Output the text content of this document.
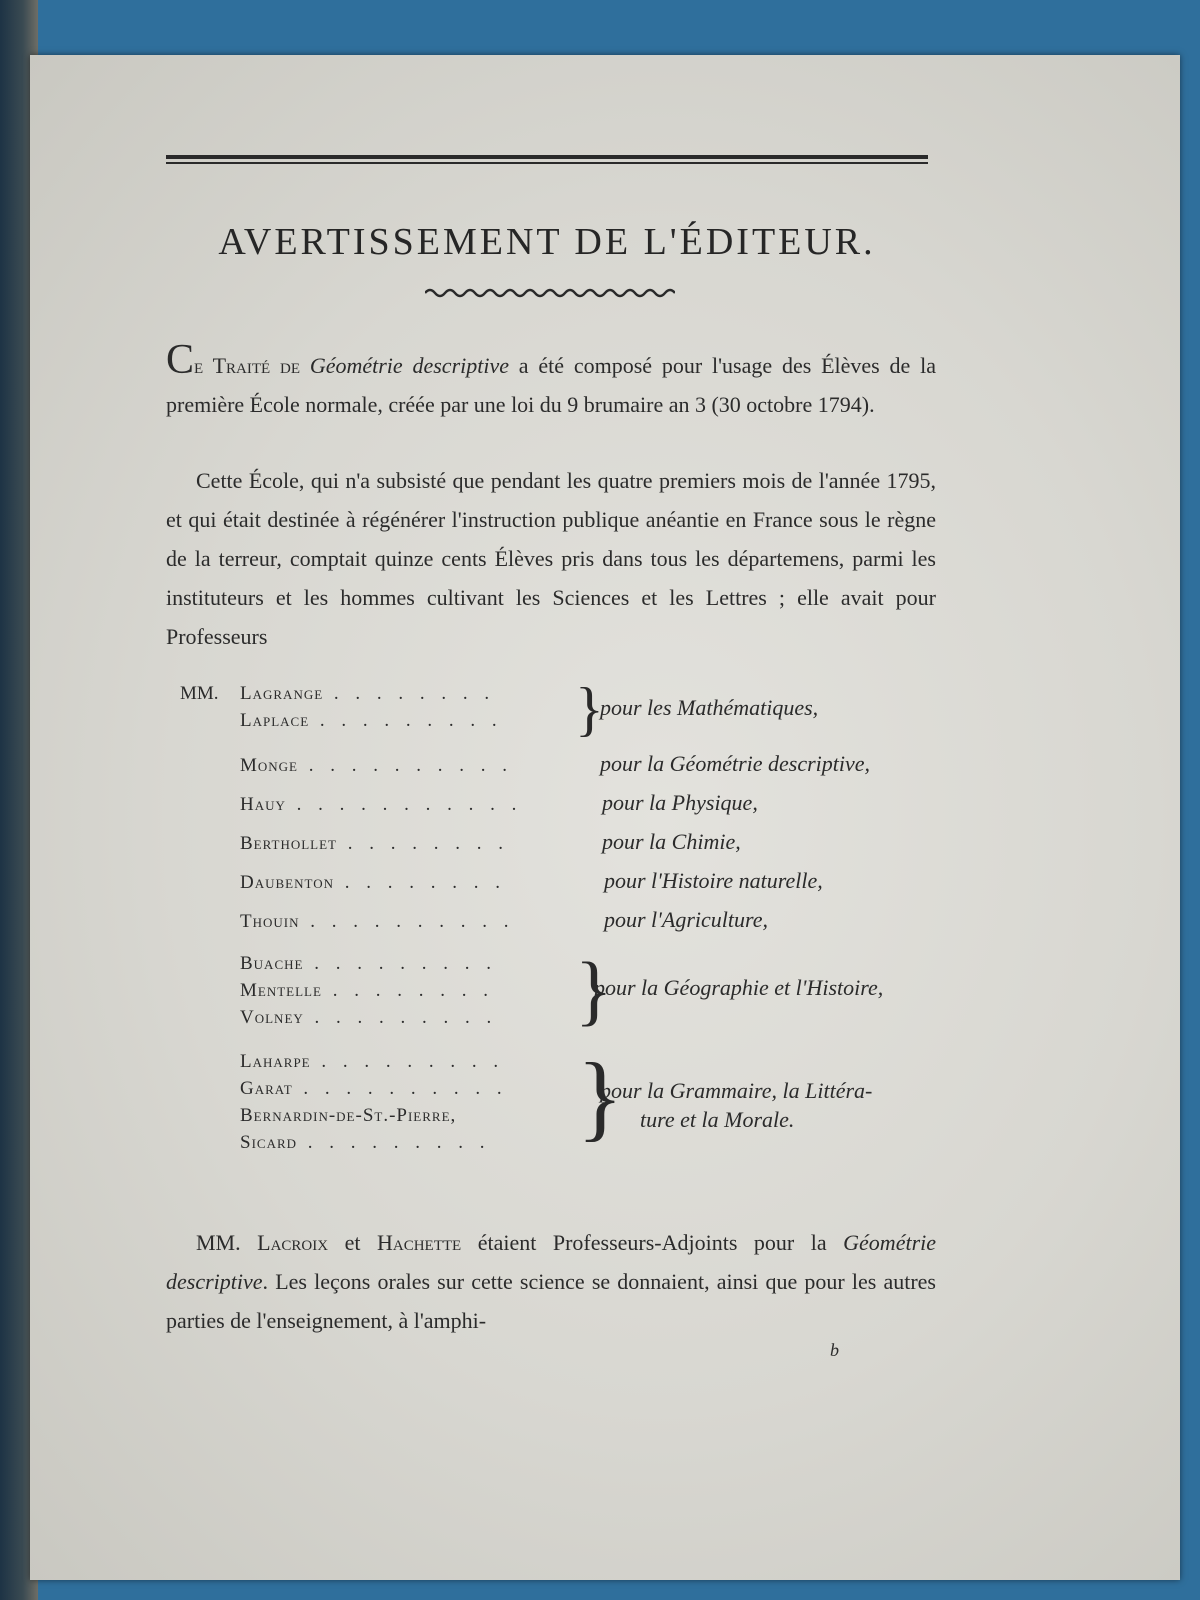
AVERTISSEMENT DE L'ÉDITEUR.
Ce Traité de Géométrie descriptive a été composé pour l'usage des Élèves de la première École normale, créée par une loi du 9 brumaire an 3 (30 octobre 1794).
Cette École, qui n'a subsisté que pendant les quatre premiers mois de l'année 1795, et qui était destinée à régénérer l'instruction publique anéantie en France sous le règne de la terreur, comptait quinze cents Élèves pris dans tous les départemens, parmi les instituteurs et les hommes cultivant les Sciences et les Lettres ; elle avait pour Professeurs
MM. Lagrange . . . . . . . .
Laplace . . . . . . . . . }
pour les Mathématiques,
Monge . . . . . . . . . .	pour la Géométrie descriptive,
Hauy . . . . . . . . . . .	pour la Physique,
Berthollet . . . . . . . .	pour la Chimie,
Daubenton . . . . . . . .	pour l'Histoire naturelle,
Thouin . . . . . . . . . .	pour l'Agriculture,
Buache . . . . . . . . .
Mentelle . . . . . . . .
Volney . . . . . . . . . }
pour la Géographie et l'Histoire,
Laharpe . . . . . . . . .
Garat . . . . . . . . . .
Bernardin-de-St.-Pierre,
Sicard . . . . . . . . . }
pour la Grammaire, la Littéra-
ture et la Morale.
MM. Lacroix et Hachette étaient Professeurs-Adjoints pour la Géométrie descriptive. Les leçons orales sur cette science se donnaient, ainsi que pour les autres parties de l'enseignement, à l'amphi-
b
